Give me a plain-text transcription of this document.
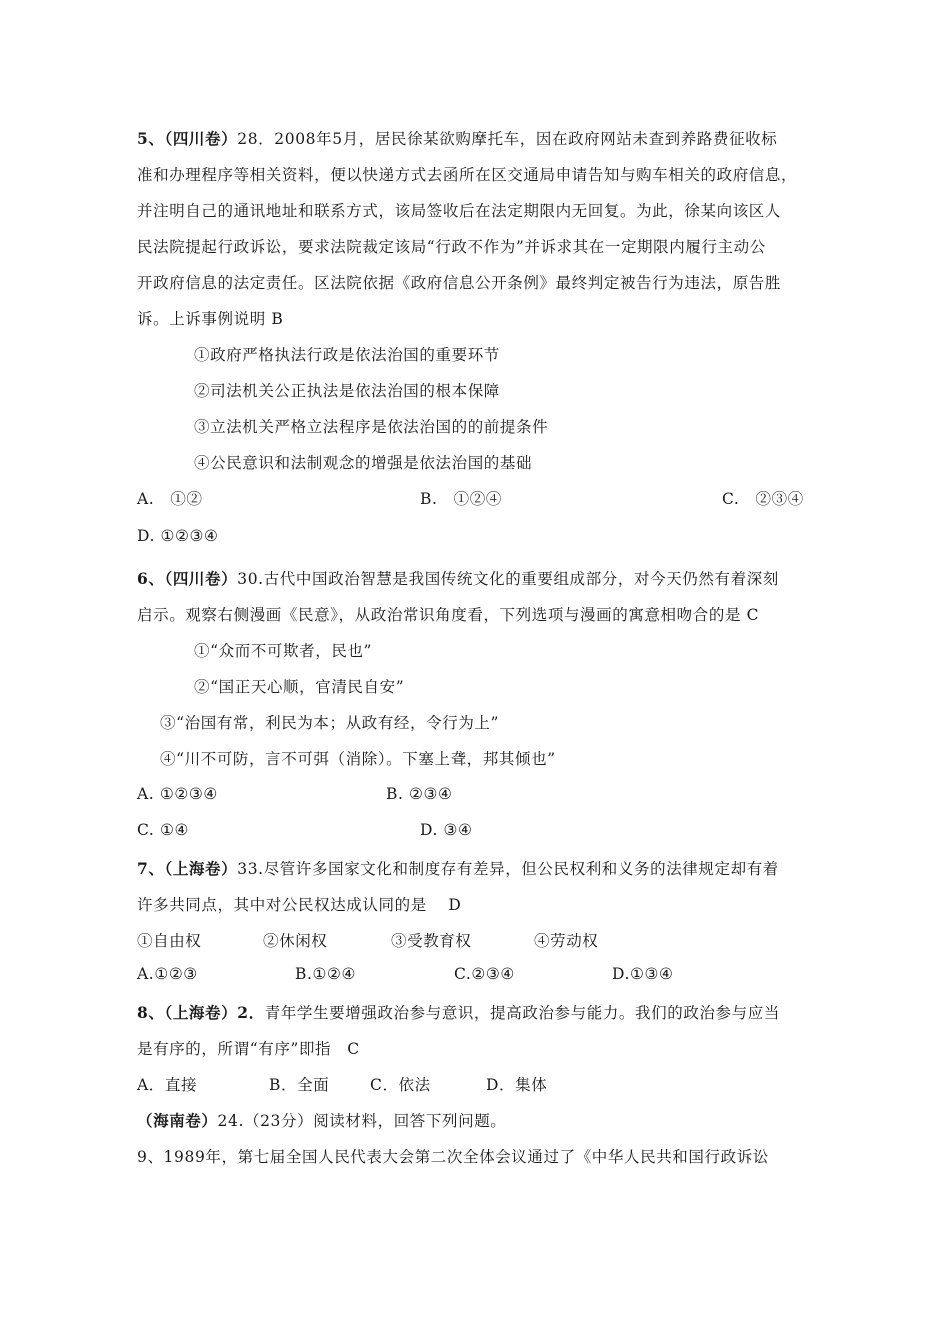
5、（四川卷）28．2008年5月，居民徐某欲购摩托车，因在政府网站未查到养路费征收标
准和办理程序等相关资料，便以快递方式去函所在区交通局申请告知与购车相关的政府信息，
并注明自己的通讯地址和联系方式，该局签收后在法定期限内无回复。为此，徐某向该区人
民法院提起行政诉讼，要求法院裁定该局“行政不作为”并诉求其在一定期限内履行主动公
开政府信息的法定责任。区法院依据《政府信息公开条例》最终判定被告行为违法，原告胜
诉。上诉事例说明 B
①政府严格执法行政是依法治国的重要环节
②司法机关公正执法是依法治国的根本保障
③立法机关严格立法程序是依法治国的的前提条件
④公民意识和法制观念的增强是依法治国的基础
A.　①②	B.　①②④	C.　②③④
D. ①②③④
6、（四川卷）30.古代中国政治智慧是我国传统文化的重要组成部分，对今天仍然有着深刻
启示。观察右侧漫画《民意》，从政治常识角度看，下列选项与漫画的寓意相吻合的是 C
①“众而不可欺者，民也”
②“国正天心顺，官清民自安”
③“治国有常，利民为本；从政有经，令行为上”
④“川不可防，言不可弭（消除）。下塞上聋，邦其倾也”
A. ①②③④	B. ②③④
C. ①④	D. ③④
7、（上海卷）33.尽管许多国家文化和制度存有差异，但公民权利和义务的法律规定却有着
许多共同点，其中对公民权达成认同的是　 D
①自由权	②休闲权	③受教育权	④劳动权
A.①②③	B.①②④	C.②③④	D.①③④
8、（上海卷）2．青年学生要增强政治参与意识，提高政治参与能力。我们的政治参与应当
是有序的，所谓“有序”即指　C
A．直接	B．全面	C．依法	D．集体
（海南卷）24.（23分）阅读材料，回答下列问题。
9、1989年，第七届全国人民代表大会第二次全体会议通过了《中华人民共和国行政诉讼
